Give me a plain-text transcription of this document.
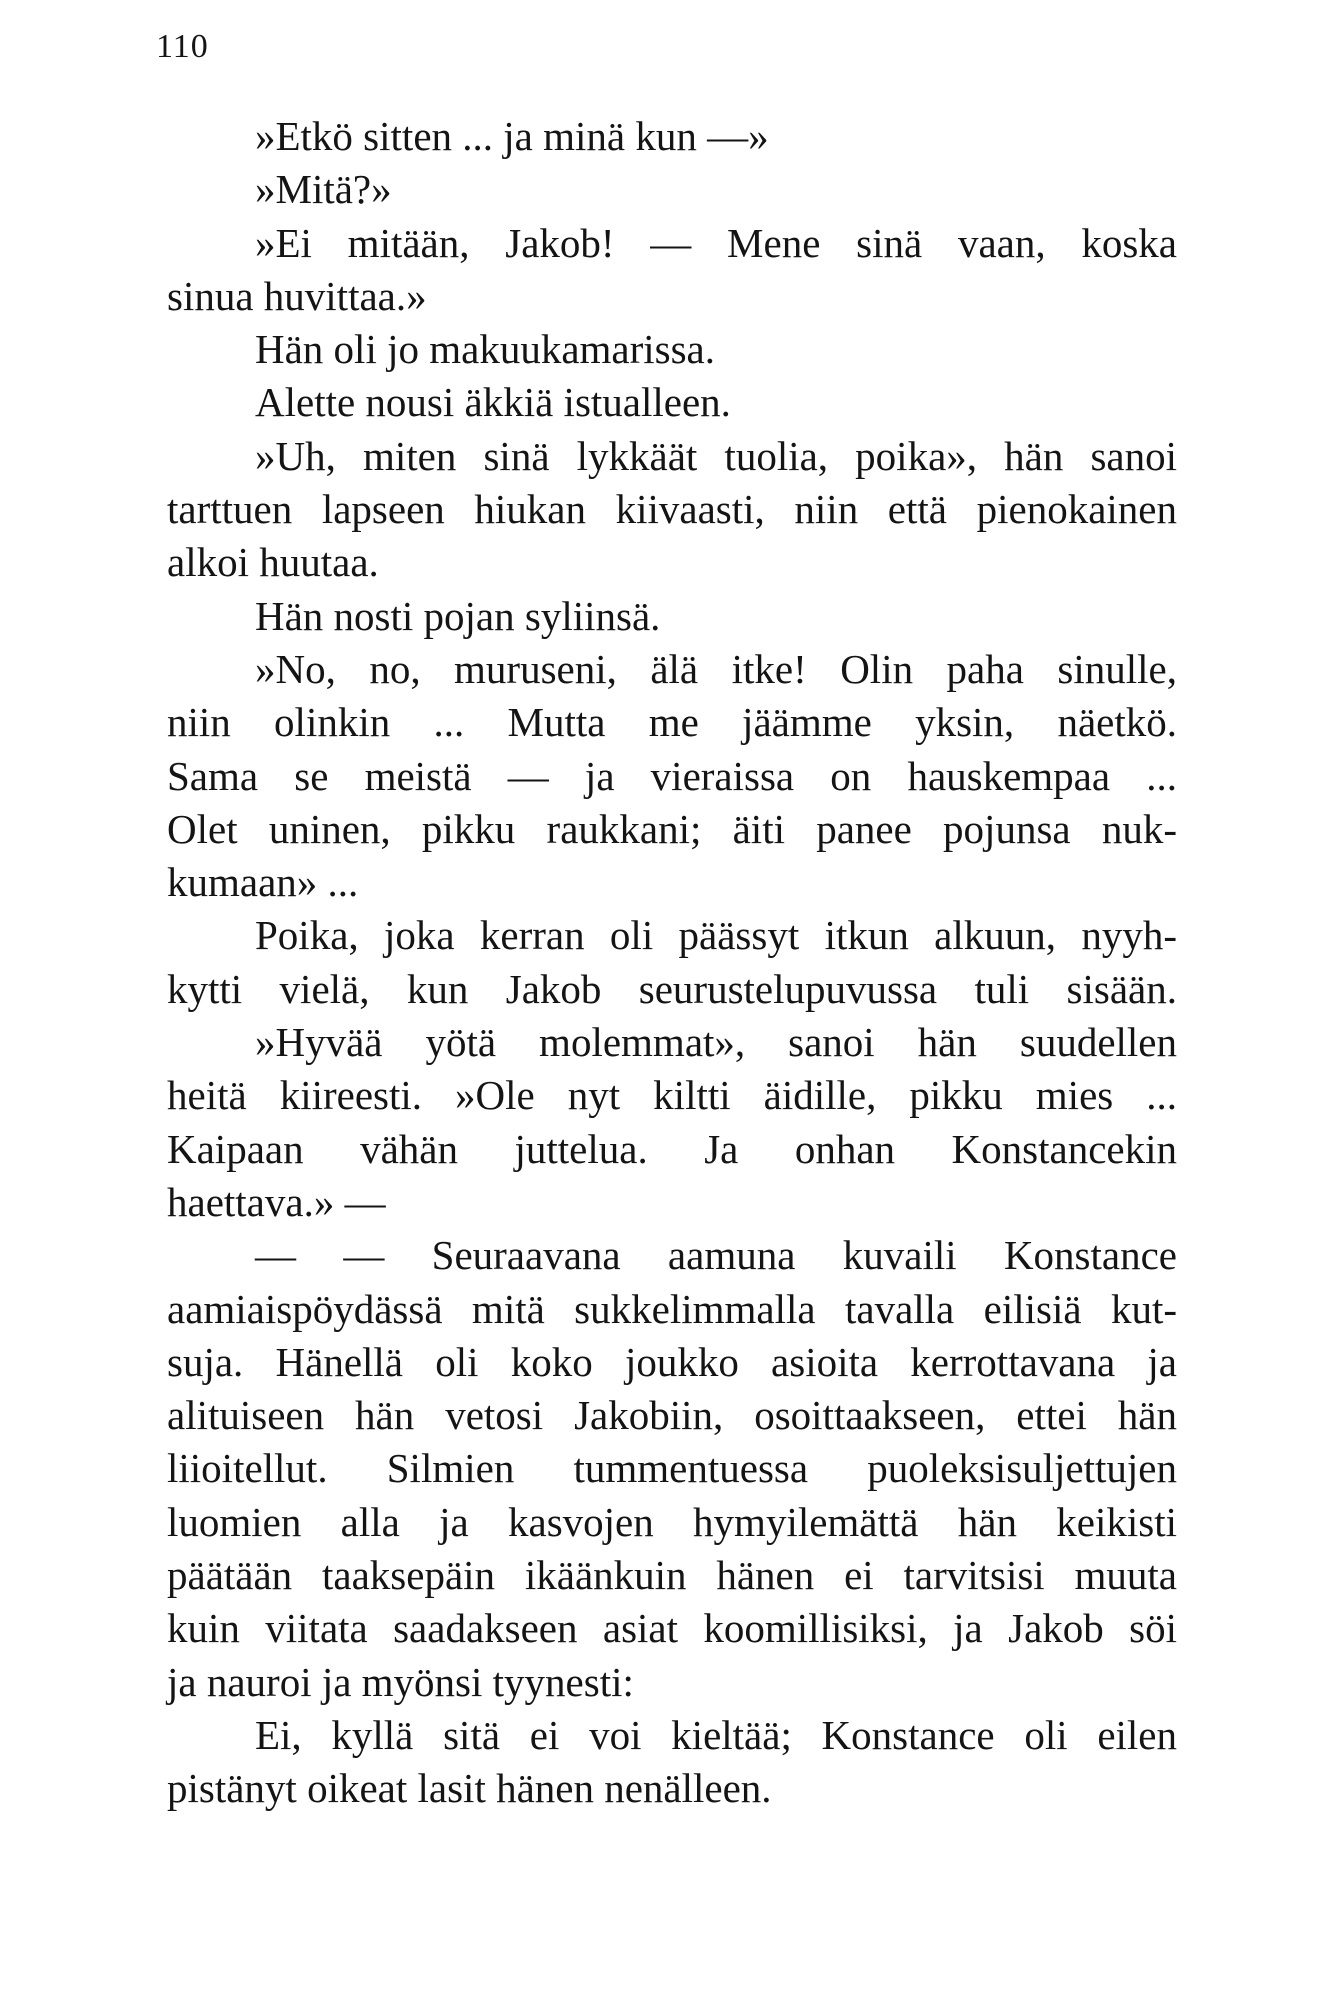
110
»Etkö sitten ... ja minä kun —»
»Mitä?»
»Ei mitään, Jakob! — Mene sinä vaan, koska
sinua huvittaa.»
Hän oli jo makuukamarissa.
Alette nousi äkkiä istualleen.
»Uh, miten sinä lykkäät tuolia, poika», hän sanoi
tarttuen lapseen hiukan kiivaasti, niin että pienokainen
alkoi huutaa.
Hän nosti pojan syliinsä.
»No, no, muruseni, älä itke! Olin paha sinulle,
niin olinkin ... Mutta me jäämme yksin, näetkö.
Sama se meistä — ja vieraissa on hauskempaa ...
Olet uninen, pikku raukkani; äiti panee pojunsa nuk-
kumaan» ...
Poika, joka kerran oli päässyt itkun alkuun, nyyh-
kytti vielä, kun Jakob seurustelupuvussa tuli sisään.
»Hyvää yötä molemmat», sanoi hän suudellen
heitä kiireesti. »Ole nyt kiltti äidille, pikku mies ...
Kaipaan vähän juttelua. Ja onhan Konstancekin
haettava.» —
— — Seuraavana aamuna kuvaili Konstance
aamiaispöydässä mitä sukkelimmalla tavalla eilisiä kut-
suja. Hänellä oli koko joukko asioita kerrottavana ja
alituiseen hän vetosi Jakobiin, osoittaakseen, ettei hän
liioitellut. Silmien tummentuessa puoleksisuljettujen
luomien alla ja kasvojen hymyilemättä hän keikisti
päätään taaksepäin ikäänkuin hänen ei tarvitsisi muuta
kuin viitata saadakseen asiat koomillisiksi, ja Jakob söi
ja nauroi ja myönsi tyynesti:
Ei, kyllä sitä ei voi kieltää; Konstance oli eilen
pistänyt oikeat lasit hänen nenälleen.
